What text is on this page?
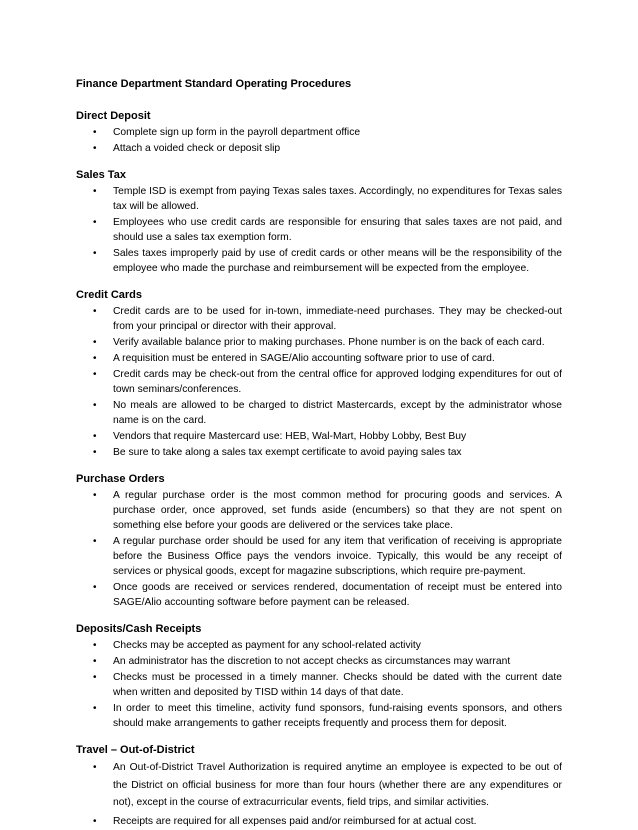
Finance Department Standard Operating Procedures
Direct Deposit
• Complete sign up form in the payroll department office
• Attach a voided check or deposit slip
Sales Tax
• Temple ISD is exempt from paying Texas sales taxes. Accordingly, no expenditures for Texas sales tax will be allowed.
• Employees who use credit cards are responsible for ensuring that sales taxes are not paid, and should use a sales tax exemption form.
• Sales taxes improperly paid by use of credit cards or other means will be the responsibility of the employee who made the purchase and reimbursement will be expected from the employee.
Credit Cards
• Credit cards are to be used for in-town, immediate-need purchases. They may be checked-out from your principal or director with their approval.
• Verify available balance prior to making purchases. Phone number is on the back of each card.
• A requisition must be entered in SAGE/Alio accounting software prior to use of card.
• Credit cards may be check-out from the central office for approved lodging expenditures for out of town seminars/conferences.
• No meals are allowed to be charged to district Mastercards, except by the administrator whose name is on the card.
• Vendors that require Mastercard use: HEB, Wal-Mart, Hobby Lobby, Best Buy
• Be sure to take along a sales tax exempt certificate to avoid paying sales tax
Purchase Orders
• A regular purchase order is the most common method for procuring goods and services. A purchase order, once approved, set funds aside (encumbers) so that they are not spent on something else before your goods are delivered or the services take place.
• A regular purchase order should be used for any item that verification of receiving is appropriate before the Business Office pays the vendors invoice. Typically, this would be any receipt of services or physical goods, except for magazine subscriptions, which require pre-payment.
• Once goods are received or services rendered, documentation of receipt must be entered into SAGE/Alio accounting software before payment can be released.
Deposits/Cash Receipts
• Checks may be accepted as payment for any school-related activity
• An administrator has the discretion to not accept checks as circumstances may warrant
• Checks must be processed in a timely manner. Checks should be dated with the current date when written and deposited by TISD within 14 days of that date.
• In order to meet this timeline, activity fund sponsors, fund-raising events sponsors, and others should make arrangements to gather receipts frequently and process them for deposit.
Travel – Out-of-District
• An Out-of-District Travel Authorization is required anytime an employee is expected to be out of the District on official business for more than four hours (whether there are any expenditures or not), except in the course of extracurricular events, field trips, and similar activities.
• Receipts are required for all expenses paid and/or reimbursed for at actual cost.
